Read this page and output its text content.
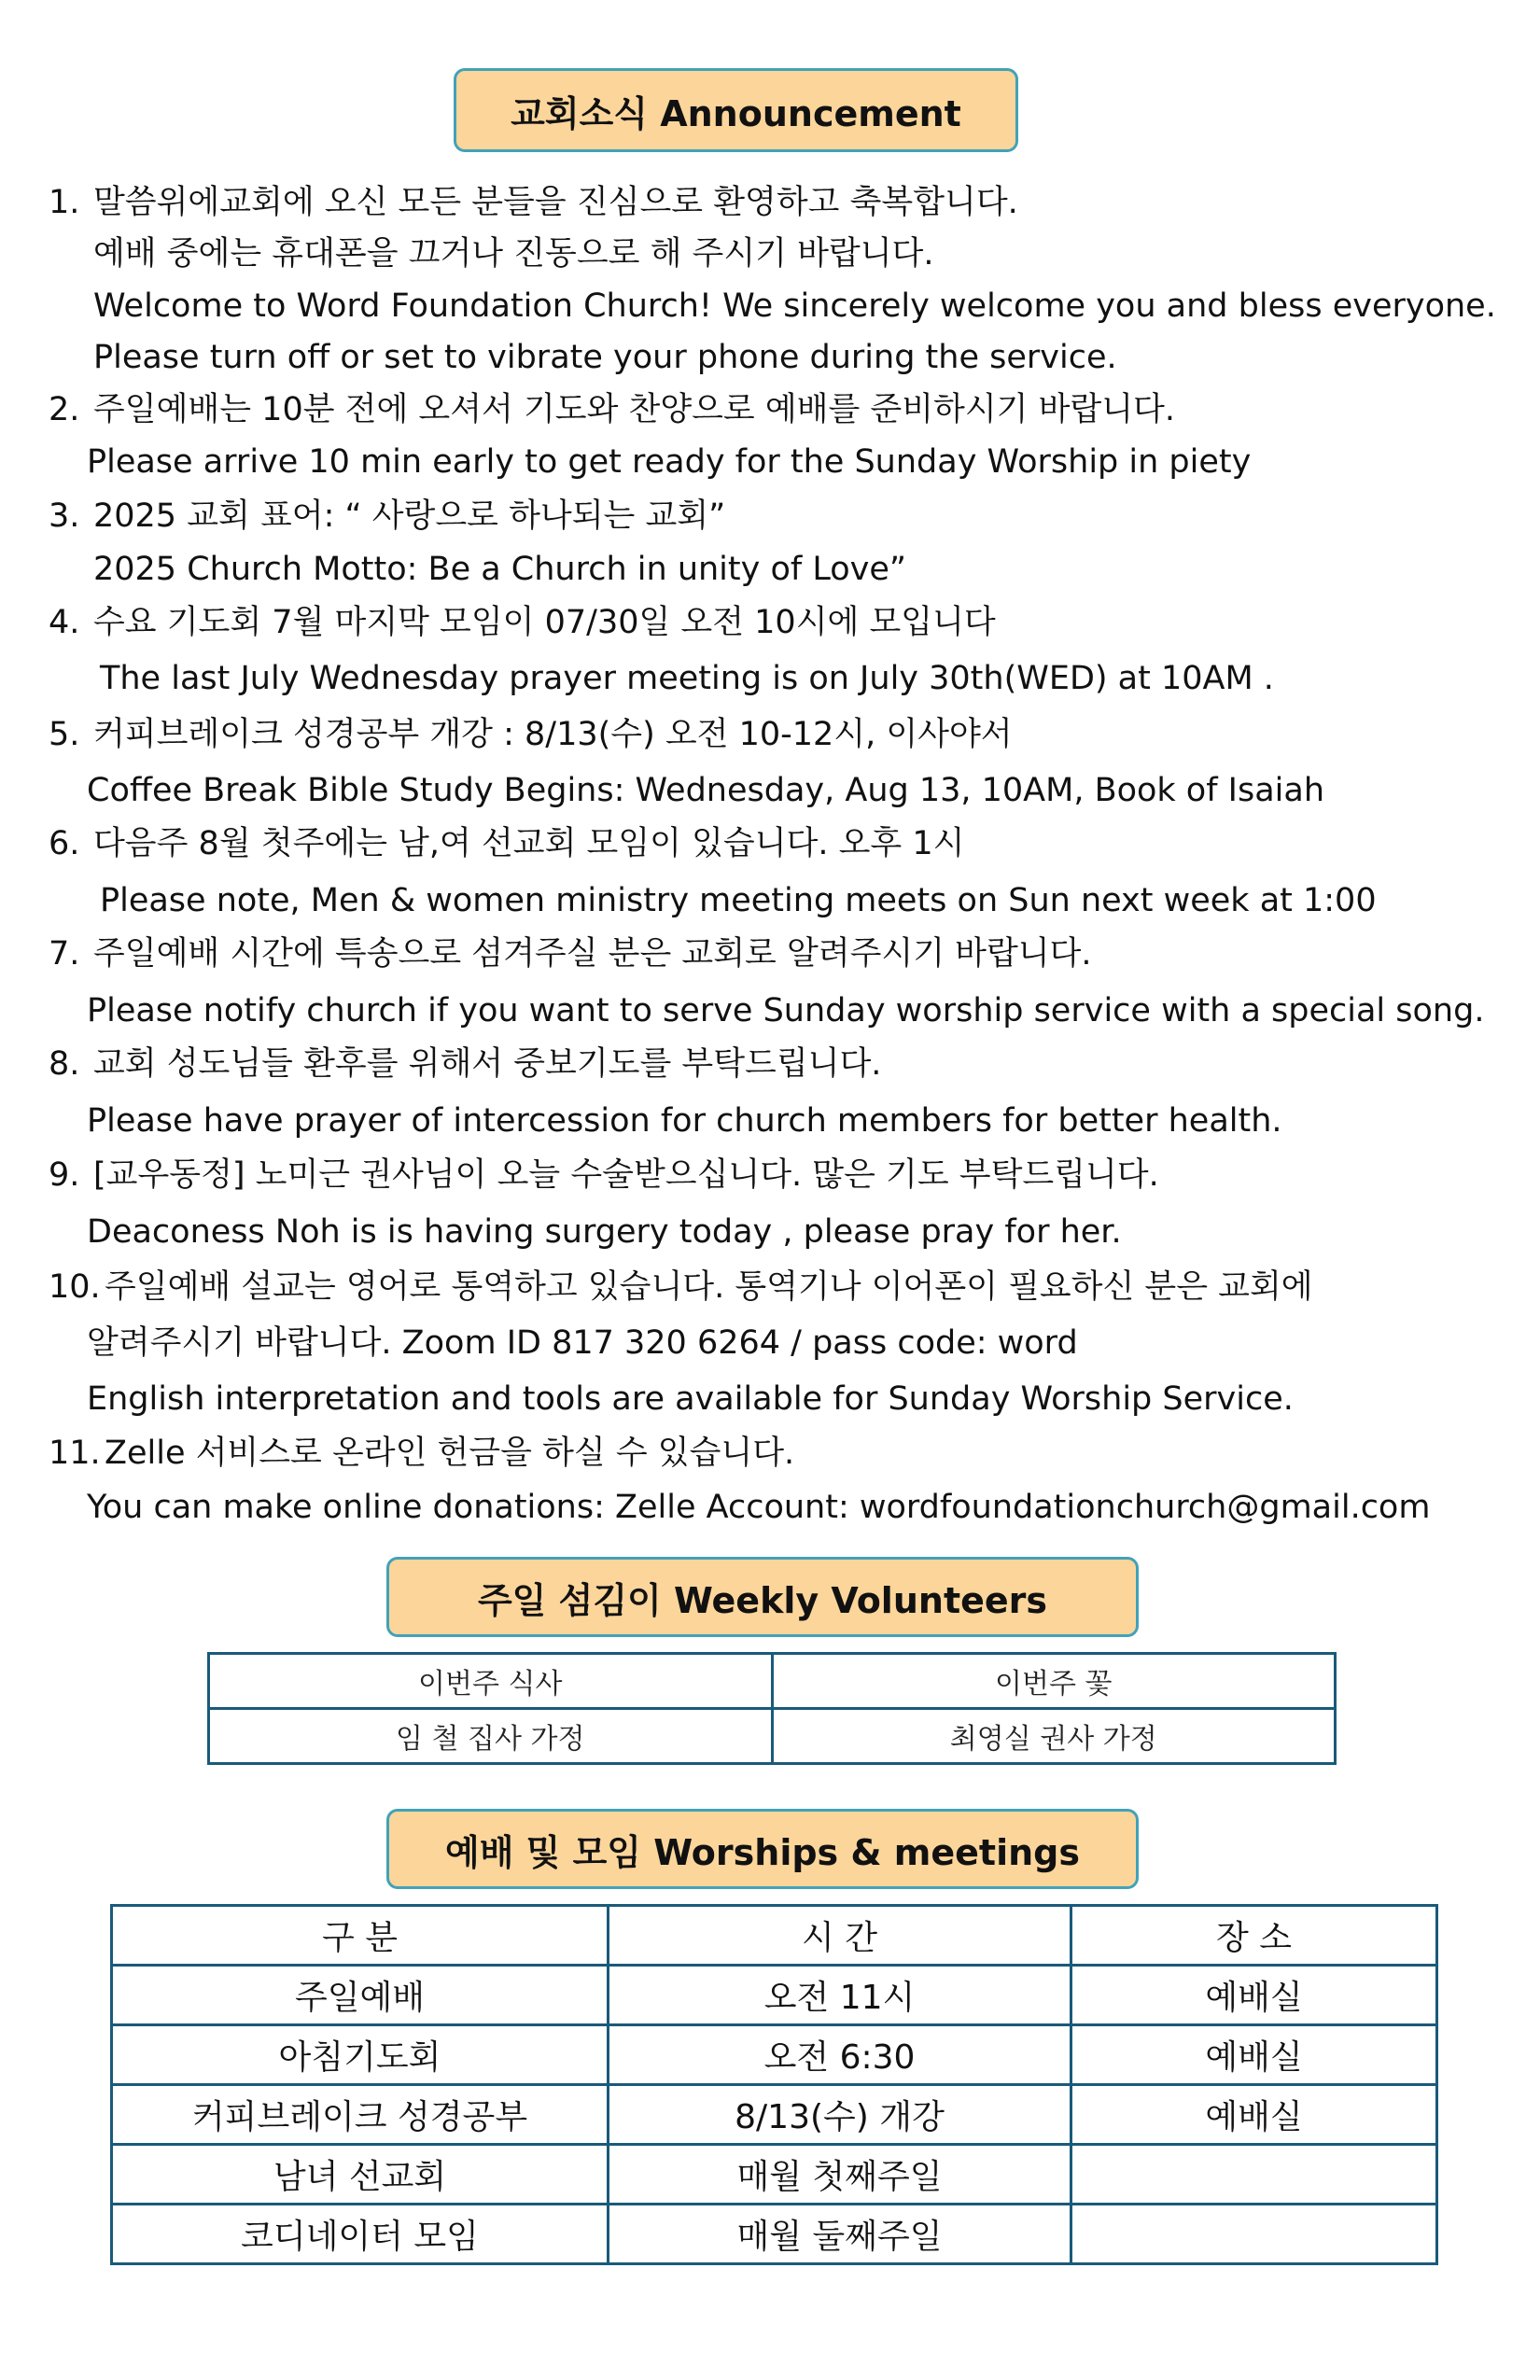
교회소식 Announcement
1. 말씀위에교회에 오신 모든 분들을 진심으로 환영하고 축복합니다.
예배 중에는 휴대폰을 끄거나 진동으로 해 주시기 바랍니다.
Welcome to Word Foundation Church! We sincerely welcome you and bless everyone.
Please turn off or set to vibrate your phone during the service.
2. 주일예배는 10분 전에 오셔서 기도와 찬양으로 예배를 준비하시기 바랍니다.
Please arrive 10 min early to get ready for the Sunday Worship in piety
3. 2025 교회 표어: “ 사랑으로 하나되는 교회”
2025 Church Motto: Be a Church in unity of Love”
4. 수요 기도회 7월 마지막 모임이 07/30일 오전 10시에 모입니다
The last July Wednesday prayer meeting is on July 30th(WED) at 10AM .
5. 커피브레이크 성경공부 개강 : 8/13(수) 오전 10-12시, 이사야서
Coffee Break Bible Study Begins: Wednesday, Aug 13, 10AM, Book of Isaiah
6. 다음주 8월 첫주에는 남,여 선교회 모임이 있습니다. 오후 1시
Please note, Men & women ministry meeting meets on Sun next week at 1:00
7. 주일예배 시간에 특송으로 섬겨주실 분은 교회로 알려주시기 바랍니다.
Please notify church if you want to serve Sunday worship service with a special song.
8. 교회 성도님들 환후를 위해서 중보기도를 부탁드립니다.
Please have prayer of intercession for church members for better health.
9. [교우동정] 노미근 권사님이 오늘 수술받으십니다. 많은 기도 부탁드립니다.
Deaconess Noh is is having surgery today , please pray for her.
10. 주일예배 설교는 영어로 통역하고 있습니다. 통역기나 이어폰이 필요하신 분은 교회에
알려주시기 바랍니다. Zoom ID 817 320 6264 / pass code: word
English interpretation and tools are available for Sunday Worship Service.
11. Zelle 서비스로 온라인 헌금을 하실 수 있습니다.
You can make online donations: Zelle Account: wordfoundationchurch@gmail.com
주일 섬김이 Weekly Volunteers
이번주 식사	이번주 꽃
임 철 집사 가정	최영실 권사 가정
예배 및 모임 Worships & meetings
구 분	시 간	장 소
주일예배	오전 11시	예배실
아침기도회	오전 6:30	예배실
커피브레이크 성경공부	8/13(수) 개강	예배실
남녀 선교회	매월 첫째주일	
코디네이터 모임	매월 둘째주일	
